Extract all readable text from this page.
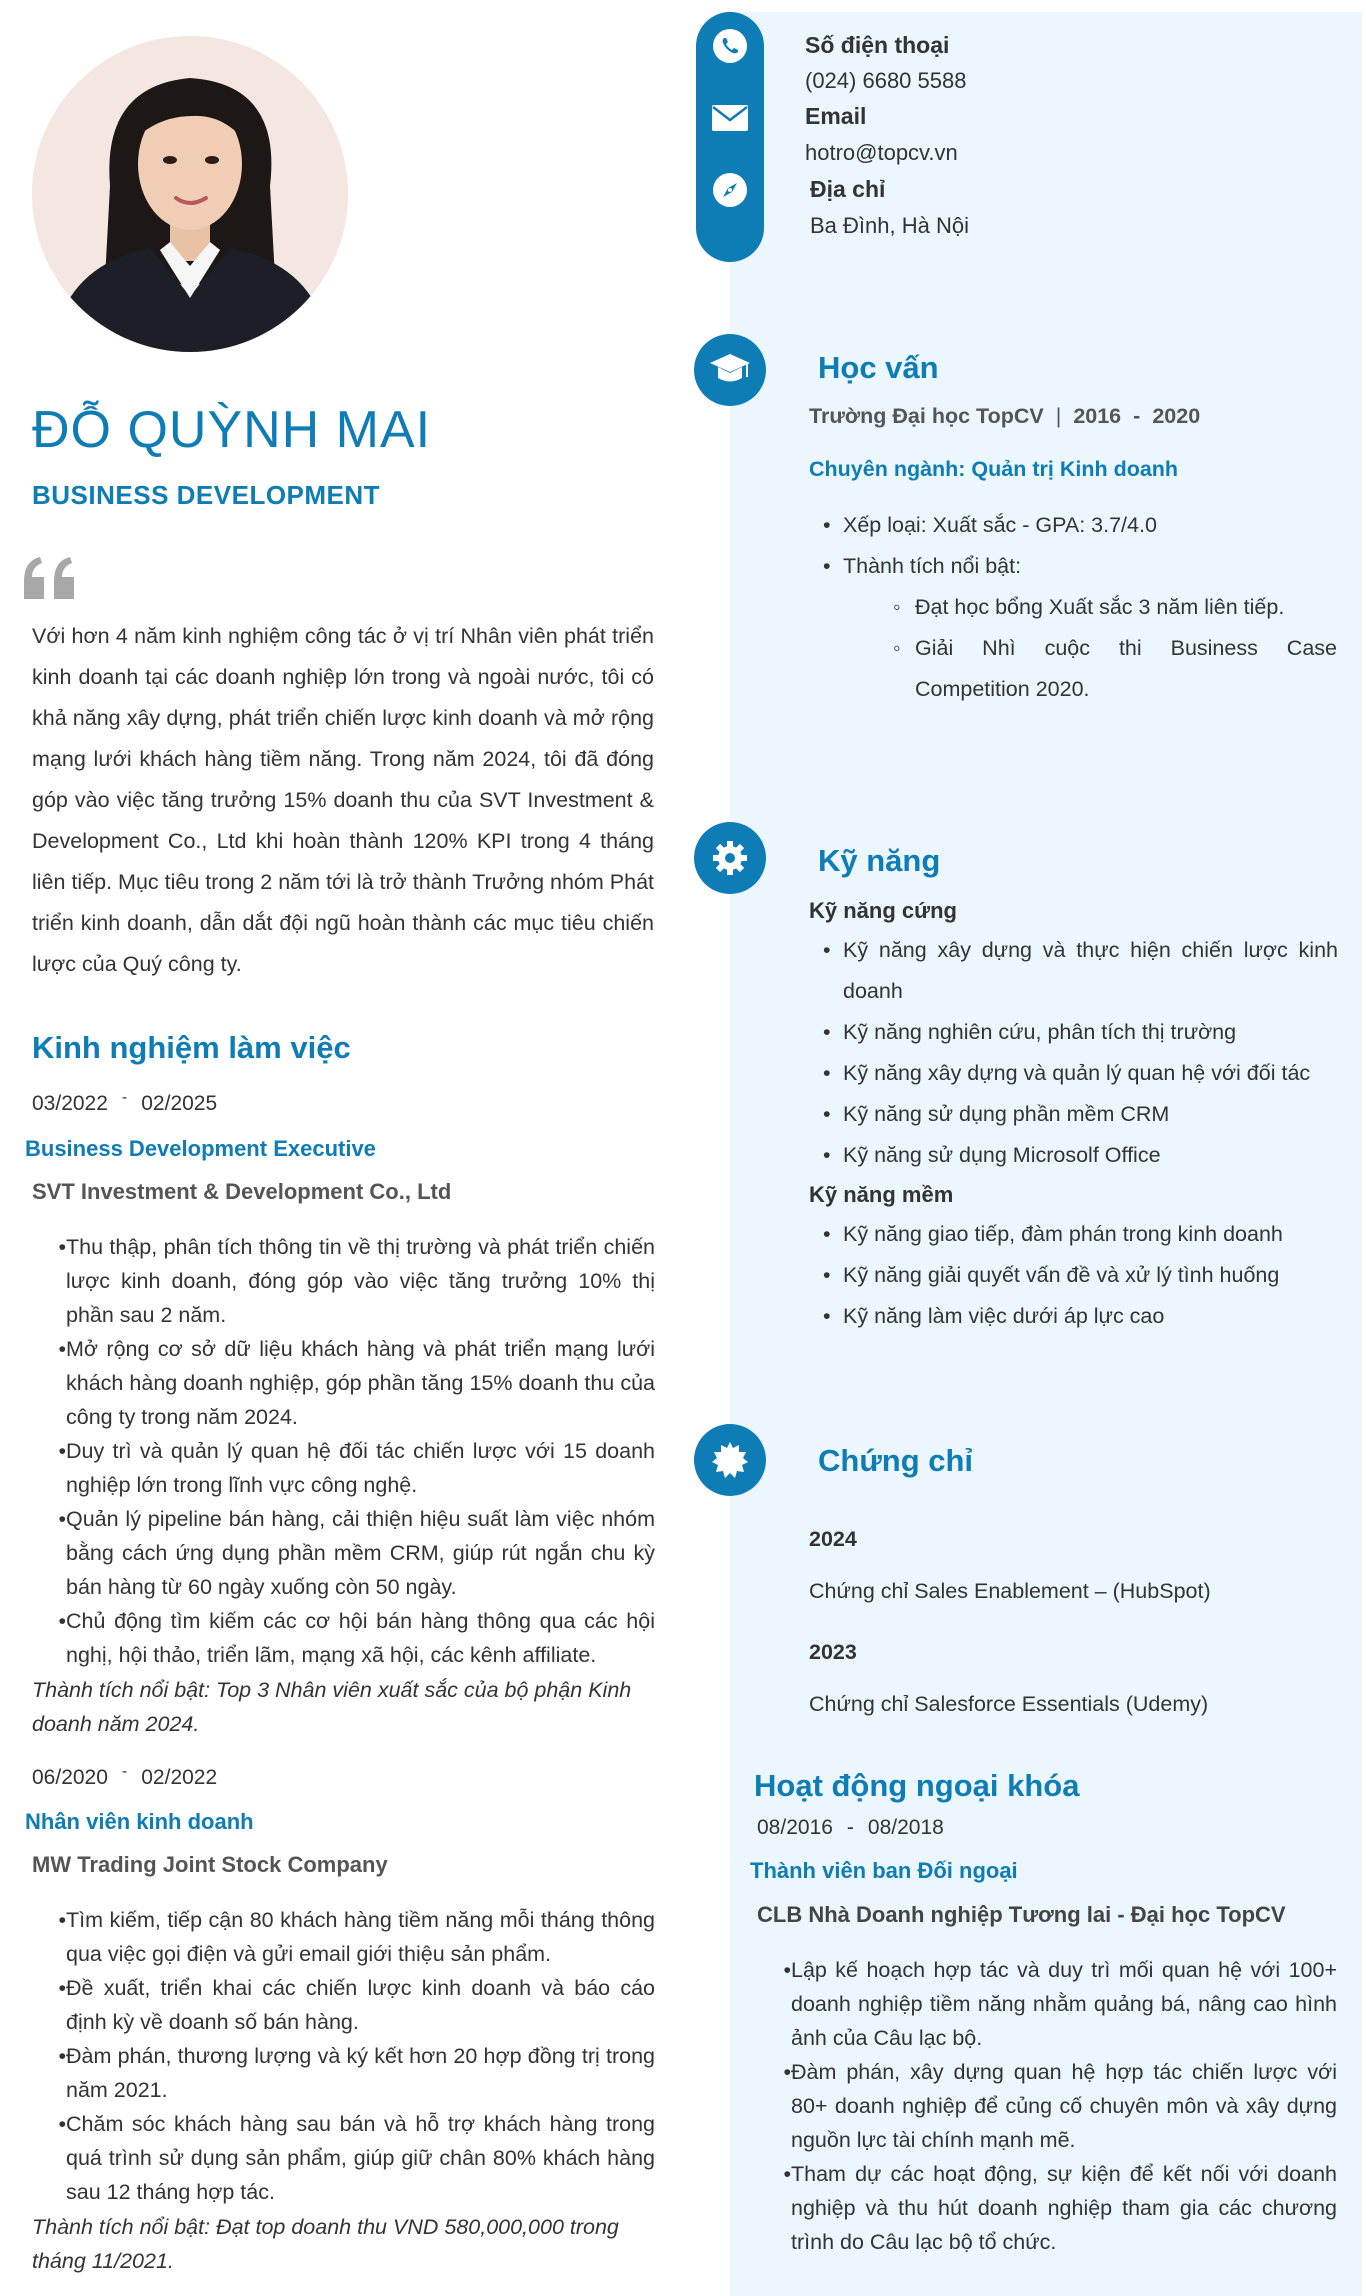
ĐỖ QUỲNH MAI
BUSINESS DEVELOPMENT

Với hơn 4 năm kinh nghiệm công tác ở vị trí Nhân viên phát triển kinh doanh tại các doanh nghiệp lớn trong và ngoài nước, tôi có khả năng xây dựng, phát triển chiến lược kinh doanh và mở rộng mạng lưới khách hàng tiềm năng. Trong năm 2024, tôi đã đóng góp vào việc tăng trưởng 15% doanh thu của SVT Investment & Development Co., Ltd khi hoàn thành 120% KPI trong 4 tháng liên tiếp. Mục tiêu trong 2 năm tới là trở thành Trưởng nhóm Phát triển kinh doanh, dẫn dắt đội ngũ hoàn thành các mục tiêu chiến lược của Quý công ty.

Kinh nghiệm làm việc
03/2022 - 02/2025
Business Development Executive
SVT Investment & Development Co., Ltd
• Thu thập, phân tích thông tin về thị trường và phát triển chiến lược kinh doanh, đóng góp vào việc tăng trưởng 10% thị phần sau 2 năm.
• Mở rộng cơ sở dữ liệu khách hàng và phát triển mạng lưới khách hàng doanh nghiệp, góp phần tăng 15% doanh thu của công ty trong năm 2024.
• Duy trì và quản lý quan hệ đối tác chiến lược với 15 doanh nghiệp lớn trong lĩnh vực công nghệ.
• Quản lý pipeline bán hàng, cải thiện hiệu suất làm việc nhóm bằng cách ứng dụng phần mềm CRM, giúp rút ngắn chu kỳ bán hàng từ 60 ngày xuống còn 50 ngày.
• Chủ động tìm kiếm các cơ hội bán hàng thông qua các hội nghị, hội thảo, triển lãm, mạng xã hội, các kênh affiliate.
Thành tích nổi bật: Top 3 Nhân viên xuất sắc của bộ phận Kinh doanh năm 2024.
06/2020 - 02/2022
Nhân viên kinh doanh
MW Trading Joint Stock Company
• Tìm kiếm, tiếp cận 80 khách hàng tiềm năng mỗi tháng thông qua việc gọi điện và gửi email giới thiệu sản phẩm.
• Đề xuất, triển khai các chiến lược kinh doanh và báo cáo định kỳ về doanh số bán hàng.
• Đàm phán, thương lượng và ký kết hơn 20 hợp đồng trị trong năm 2021.
• Chăm sóc khách hàng sau bán và hỗ trợ khách hàng trong quá trình sử dụng sản phẩm, giúp giữ chân 80% khách hàng sau 12 tháng hợp tác.
Thành tích nổi bật: Đạt top doanh thu VND 580,000,000 trong tháng 11/2021.
Số điện thoại
(024) 6680 5588
Email
hotro@topcv.vn
Địa chỉ
Ba Đình, Hà Nội
Học vấn
Trường Đại học TopCV | 2016 - 2020
Chuyên ngành: Quản trị Kinh doanh
• Xếp loại: Xuất sắc - GPA: 3.7/4.0
• Thành tích nổi bật:
◦ Đạt học bổng Xuất sắc 3 năm liên tiếp.
◦ Giải Nhì cuộc thi Business Case Competition 2020.
Kỹ năng
Kỹ năng cứng
• Kỹ năng xây dựng và thực hiện chiến lược kinh doanh
• Kỹ năng nghiên cứu, phân tích thị trường
• Kỹ năng xây dựng và quản lý quan hệ với đối tác
• Kỹ năng sử dụng phần mềm CRM
• Kỹ năng sử dụng Microsolf Office
Kỹ năng mềm
• Kỹ năng giao tiếp, đàm phán trong kinh doanh
• Kỹ năng giải quyết vấn đề và xử lý tình huống
• Kỹ năng làm việc dưới áp lực cao
Chứng chỉ
2024
Chứng chỉ Sales Enablement – (HubSpot)
2023
Chứng chỉ Salesforce Essentials (Udemy)
Hoạt động ngoại khóa
08/2016 - 08/2018
Thành viên ban Đối ngoại
CLB Nhà Doanh nghiệp Tương lai - Đại học TopCV
• Lập kế hoạch hợp tác và duy trì mối quan hệ với 100+ doanh nghiệp tiềm năng nhằm quảng bá, nâng cao hình ảnh của Câu lạc bộ.
• Đàm phán, xây dựng quan hệ hợp tác chiến lược với 80+ doanh nghiệp để củng cố chuyên môn và xây dựng nguồn lực tài chính mạnh mẽ.
• Tham dự các hoạt động, sự kiện để kết nối với doanh nghiệp và thu hút doanh nghiệp tham gia các chương trình do Câu lạc bộ tổ chức.
